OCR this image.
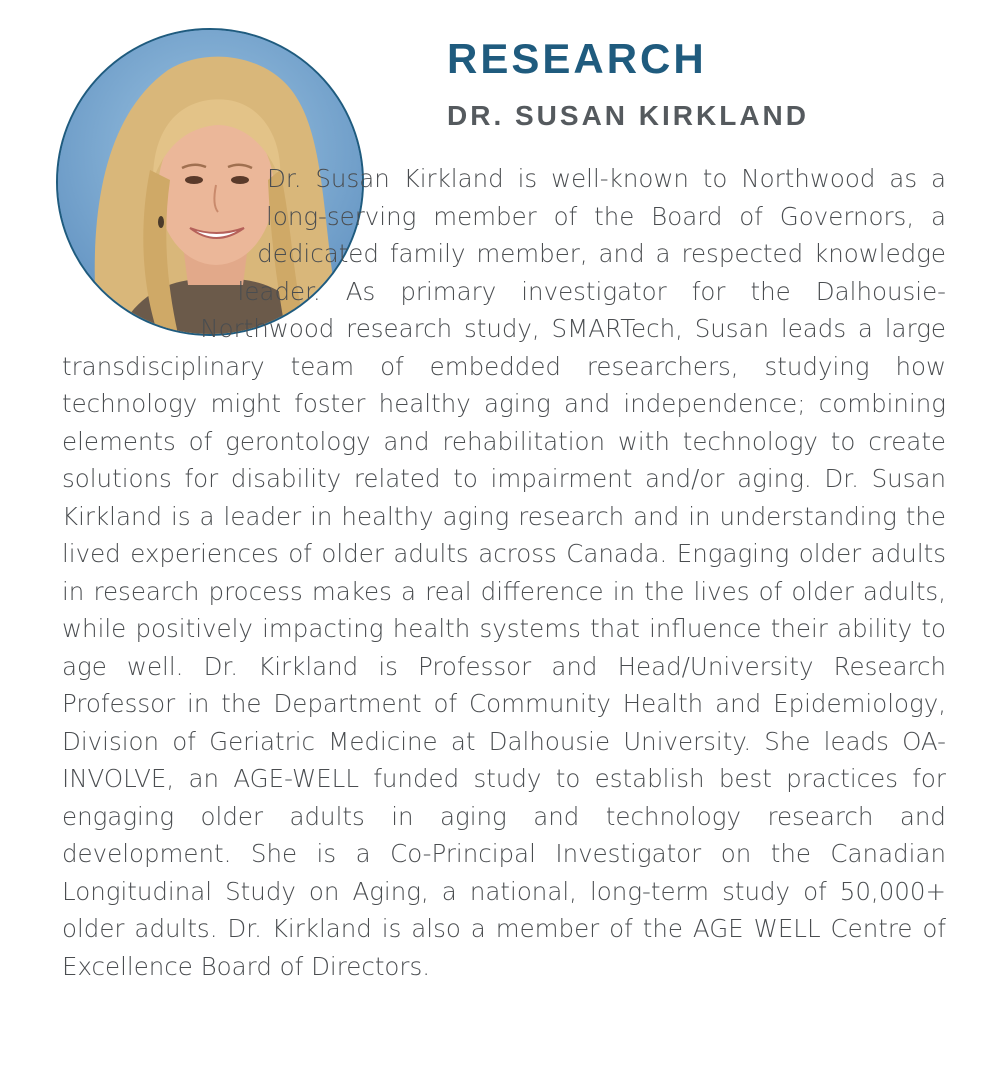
RESEARCH
DR. SUSAN KIRKLAND

Dr. Susan Kirkland is well-known to Northwood as a long-serving member of the Board of Governors, a dedicated family member, and a respected knowledge leader. As primary investigator for the Dalhousie-Northwood research study, SMARTech, Susan leads a large transdisciplinary team of embedded researchers, studying how technology might foster healthy aging and independence; combining elements of gerontology and rehabilitation with technology to create solutions for disability related to impairment and/or aging. Dr. Susan Kirkland is a leader in healthy aging research and in understanding the lived experiences of older adults across Canada. Engaging older adults in research process makes a real difference in the lives of older adults, while positively impacting health systems that influence their ability to age well. Dr. Kirkland is Professor and Head/University Research Professor in the Department of Community Health and Epidemiology, Division of Geriatric Medicine at Dalhousie University. She leads OA-INVOLVE, an AGE-WELL funded study to establish best practices for engaging older adults in aging and technology research and development. She is a Co-Principal Investigator on the Canadian Longitudinal Study on Aging, a national, long-term study of 50,000+ older adults. Dr. Kirkland is also a member of the AGE WELL Centre of Excellence Board of Directors.
